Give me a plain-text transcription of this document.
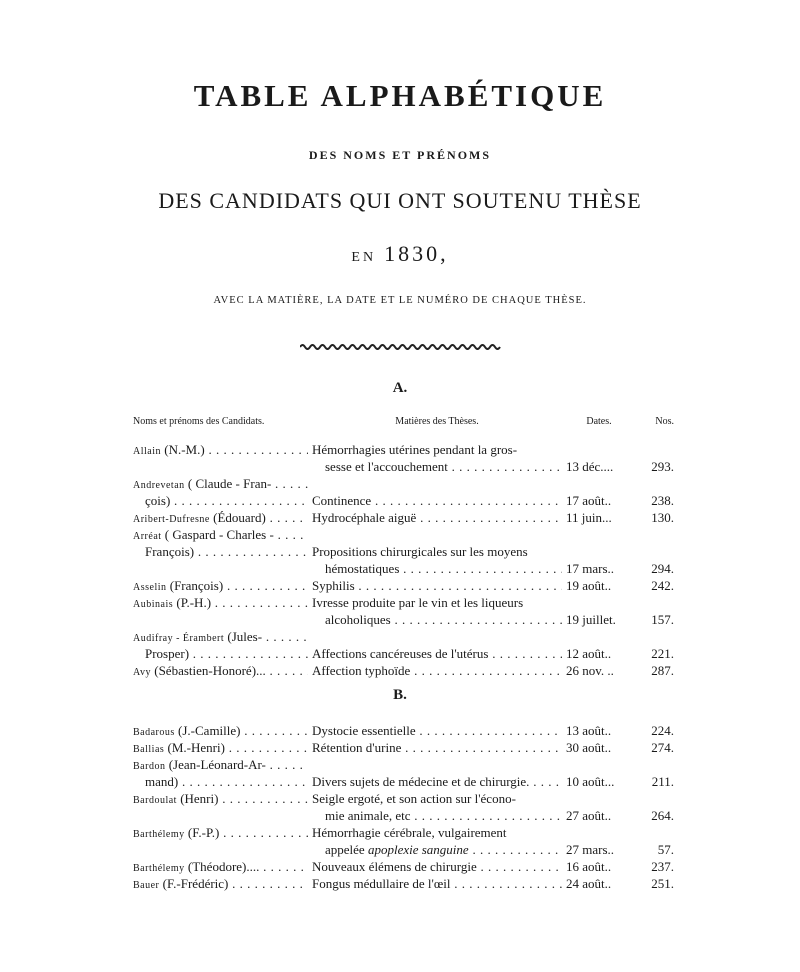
TABLE ALPHABÉTIQUE
DES NOMS ET PRÉNOMS
DES CANDIDATS QUI ONT SOUTENU THÈSE
EN 1830,
AVEC LA MATIÈRE, LA DATE ET LE NUMÉRO DE CHAQUE THÈSE.
A.
Noms et prénoms des Candidats.	Matières des Thèses.	Dates.	Nos.
Allain (N.-M.) . . .	Hémorrhagies utérines pendant la gros-
sesse et l'accouchement . . .	13 déc....	293.
Andrevetan ( Claude - Fran- . . .
çois) . . .	Continence . . .	17 août..	238.
Aribert-Dufresne (Édouard) . . .	Hydrocéphale aiguë . . .	11 juin...	130.
Arréat ( Gaspard - Charles - . . .
François) . . .	Propositions chirurgicales sur les moyens
hémostatiques . . .	17 mars..	294.
Asselin (François) . . .	Syphilis . . .	19 août..	242.
Aubinais (P.-H.) . . .	Ivresse produite par le vin et les liqueurs
alcoholiques . . .	19 juillet.	157.
Audifray - Érambert (Jules- . . .
Prosper) . . .	Affections cancéreuses de l'utérus . . .	12 août..	221.
Avy (Sébastien-Honoré)... . . .	Affection typhoïde . . .	26 nov. ..	287.
B.
Badarous (J.-Camille) . . .	Dystocie essentielle . . .	13 août..	224.
Ballias (M.-Henri) . . .	Rétention d'urine . . .	30 août..	274.
Bardon (Jean-Léonard-Ar- . . .
mand) . . .	Divers sujets de médecine et de chirurgie. . . .	10 août...	211.
Bardoulat (Henri) . . .	Seigle ergoté, et son action sur l'écono-
mie animale, etc . . .	27 août..	264.
Barthélemy (F.-P.) . . .	Hémorrhagie cérébrale, vulgairement
appelée apoplexie sanguine . . .	27 mars..	57.
Barthélemy (Théodore).... . . .	Nouveaux élémens de chirurgie . . .	16 août..	237.
Bauer (F.-Frédéric) . . .	Fongus médullaire de l'œil . . .	24 août..	251.
